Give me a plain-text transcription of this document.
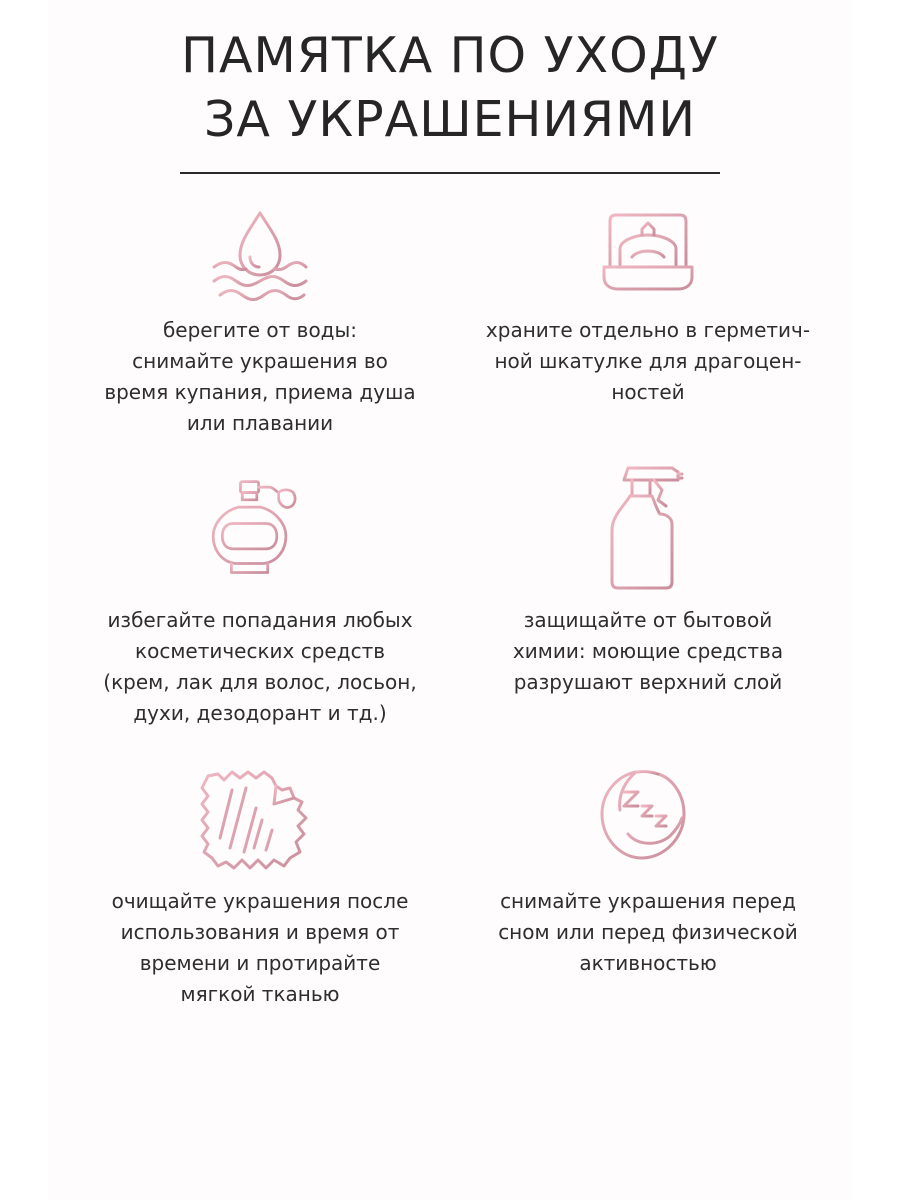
ПАМЯТКА ПО УХОДУ
ЗА УКРАШЕНИЯМИ
берегите от воды:
снимайте украшения во
время купания, приема душа
или плавании
храните отдельно в герметич-
ной шкатулке для драгоцен-
ностей
избегайте попадания любых
косметических средств
(крем, лак для волос, лосьон,
духи, дезодорант и тд.)
защищайте от бытовой
химии: моющие средства
разрушают верхний слой
очищайте украшения после
использования и время от
времени и протирайте
мягкой тканью
снимайте украшения перед
сном или перед физической
активностью
